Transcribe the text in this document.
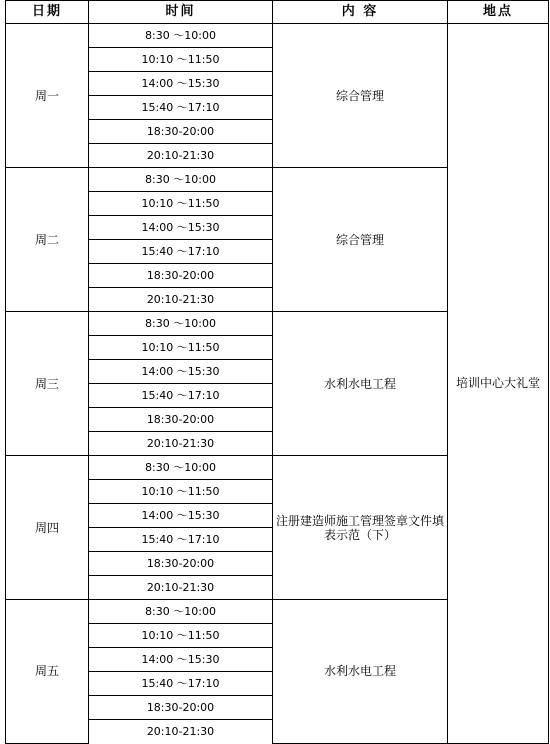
日期	时间	内 容	地点
周一	8:30 ～10:00	综合管理	培训中心大礼堂
	10:10 ～11:50		
	14:00 ～15:30		
	15:40 ～17:10		
	18:30-20:00		
	20:10-21:30		
周二	8:30 ～10:00	综合管理	
	10:10 ～11:50		
	14:00 ～15:30		
	15:40 ～17:10		
	18:30-20:00		
	20:10-21:30		
周三	8:30 ～10:00	水利水电工程	
	10:10 ～11:50		
	14:00 ～15:30		
	15:40 ～17:10		
	18:30-20:00		
	20:10-21:30		
周四	8:30 ～10:00	注册建造师施工管理签章文件填表示范（下）	
	10:10 ～11:50		
	14:00 ～15:30		
	15:40 ～17:10		
	18:30-20:00		
	20:10-21:30		
周五	8:30 ～10:00	水利水电工程	
	10:10 ～11:50		
	14:00 ～15:30		
	15:40 ～17:10		
	18:30-20:00		
	20:10-21:30		
